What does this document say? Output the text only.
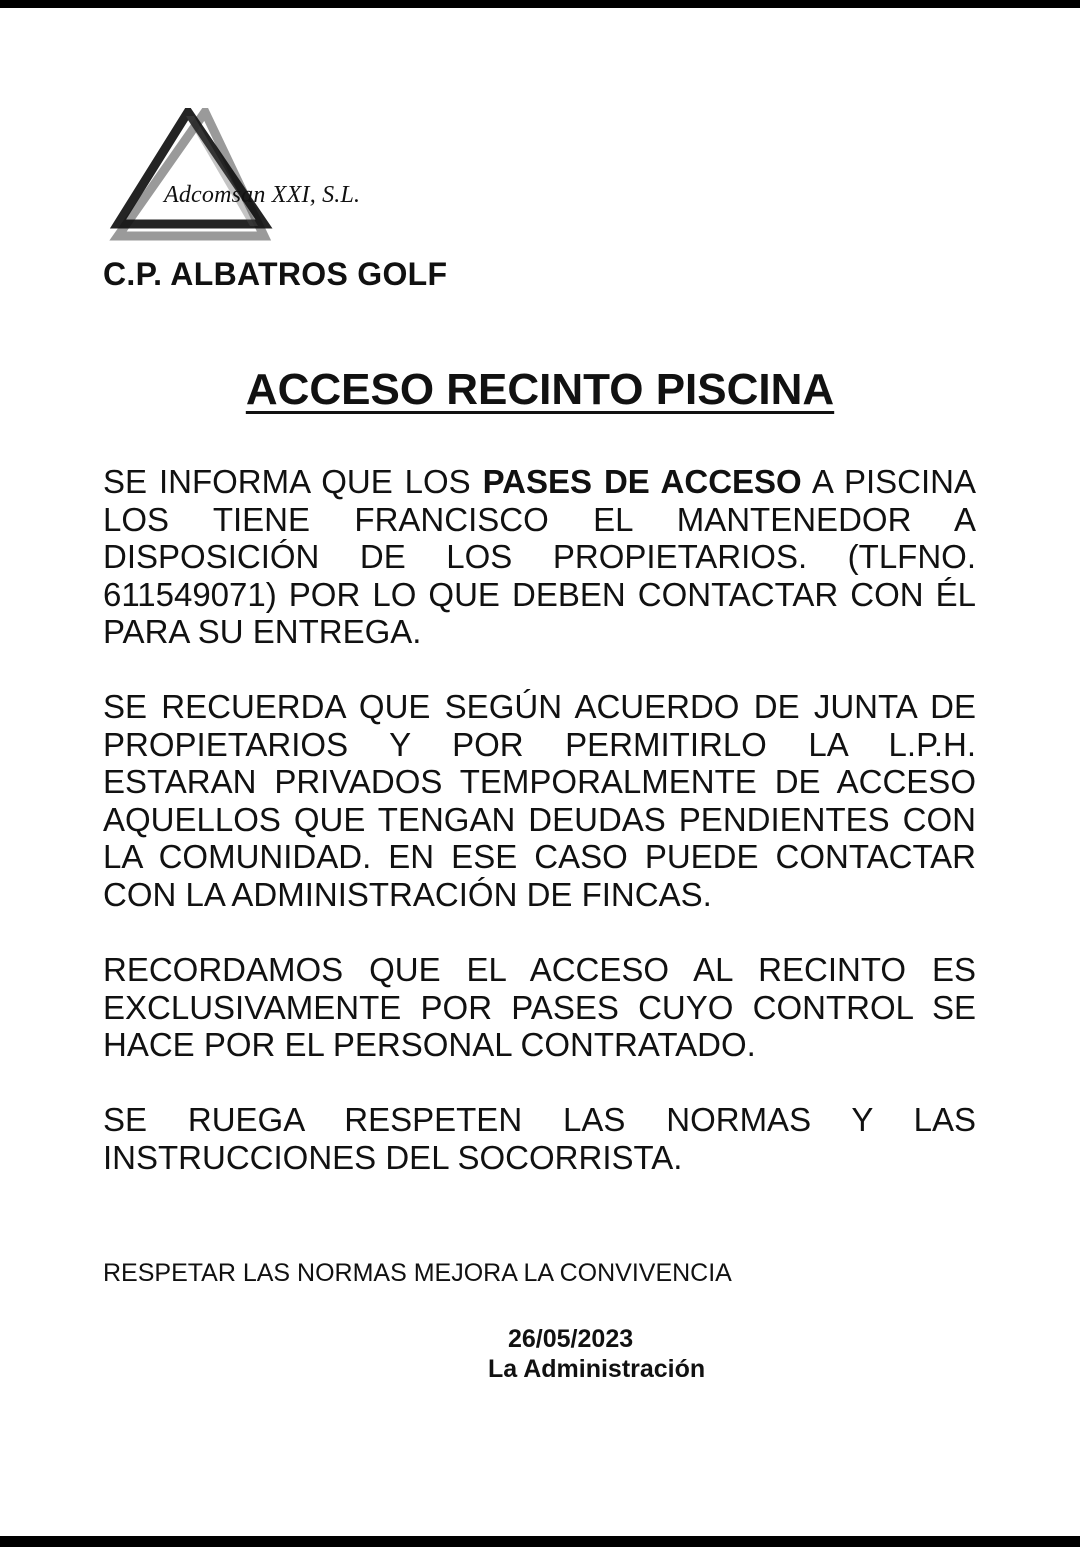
Adcomsan XXI, S.L.
C.P. ALBATROS GOLF
ACCESO RECINTO PISCINA

SE INFORMA QUE LOS PASES DE ACCESO A PISCINA LOS TIENE FRANCISCO EL MANTENEDOR A DISPOSICIÓN DE LOS PROPIETARIOS. (TLFNO. 611549071) POR LO QUE DEBEN CONTACTAR CON ÉL PARA SU ENTREGA.

SE RECUERDA QUE SEGÚN ACUERDO DE JUNTA DE PROPIETARIOS Y POR PERMITIRLO LA L.P.H. ESTARAN PRIVADOS TEMPORALMENTE DE ACCESO AQUELLOS QUE TENGAN DEUDAS PENDIENTES CON LA COMUNIDAD. EN ESE CASO PUEDE CONTACTAR CON LA ADMINISTRACIÓN DE FINCAS.

RECORDAMOS QUE EL ACCESO AL RECINTO ES EXCLUSIVAMENTE POR PASES CUYO CONTROL SE HACE POR EL PERSONAL CONTRATADO.

SE RUEGA RESPETEN LAS NORMAS Y LAS INSTRUCCIONES DEL SOCORRISTA.

RESPETAR LAS NORMAS MEJORA LA CONVIVENCIA
26/05/2023
La Administración
